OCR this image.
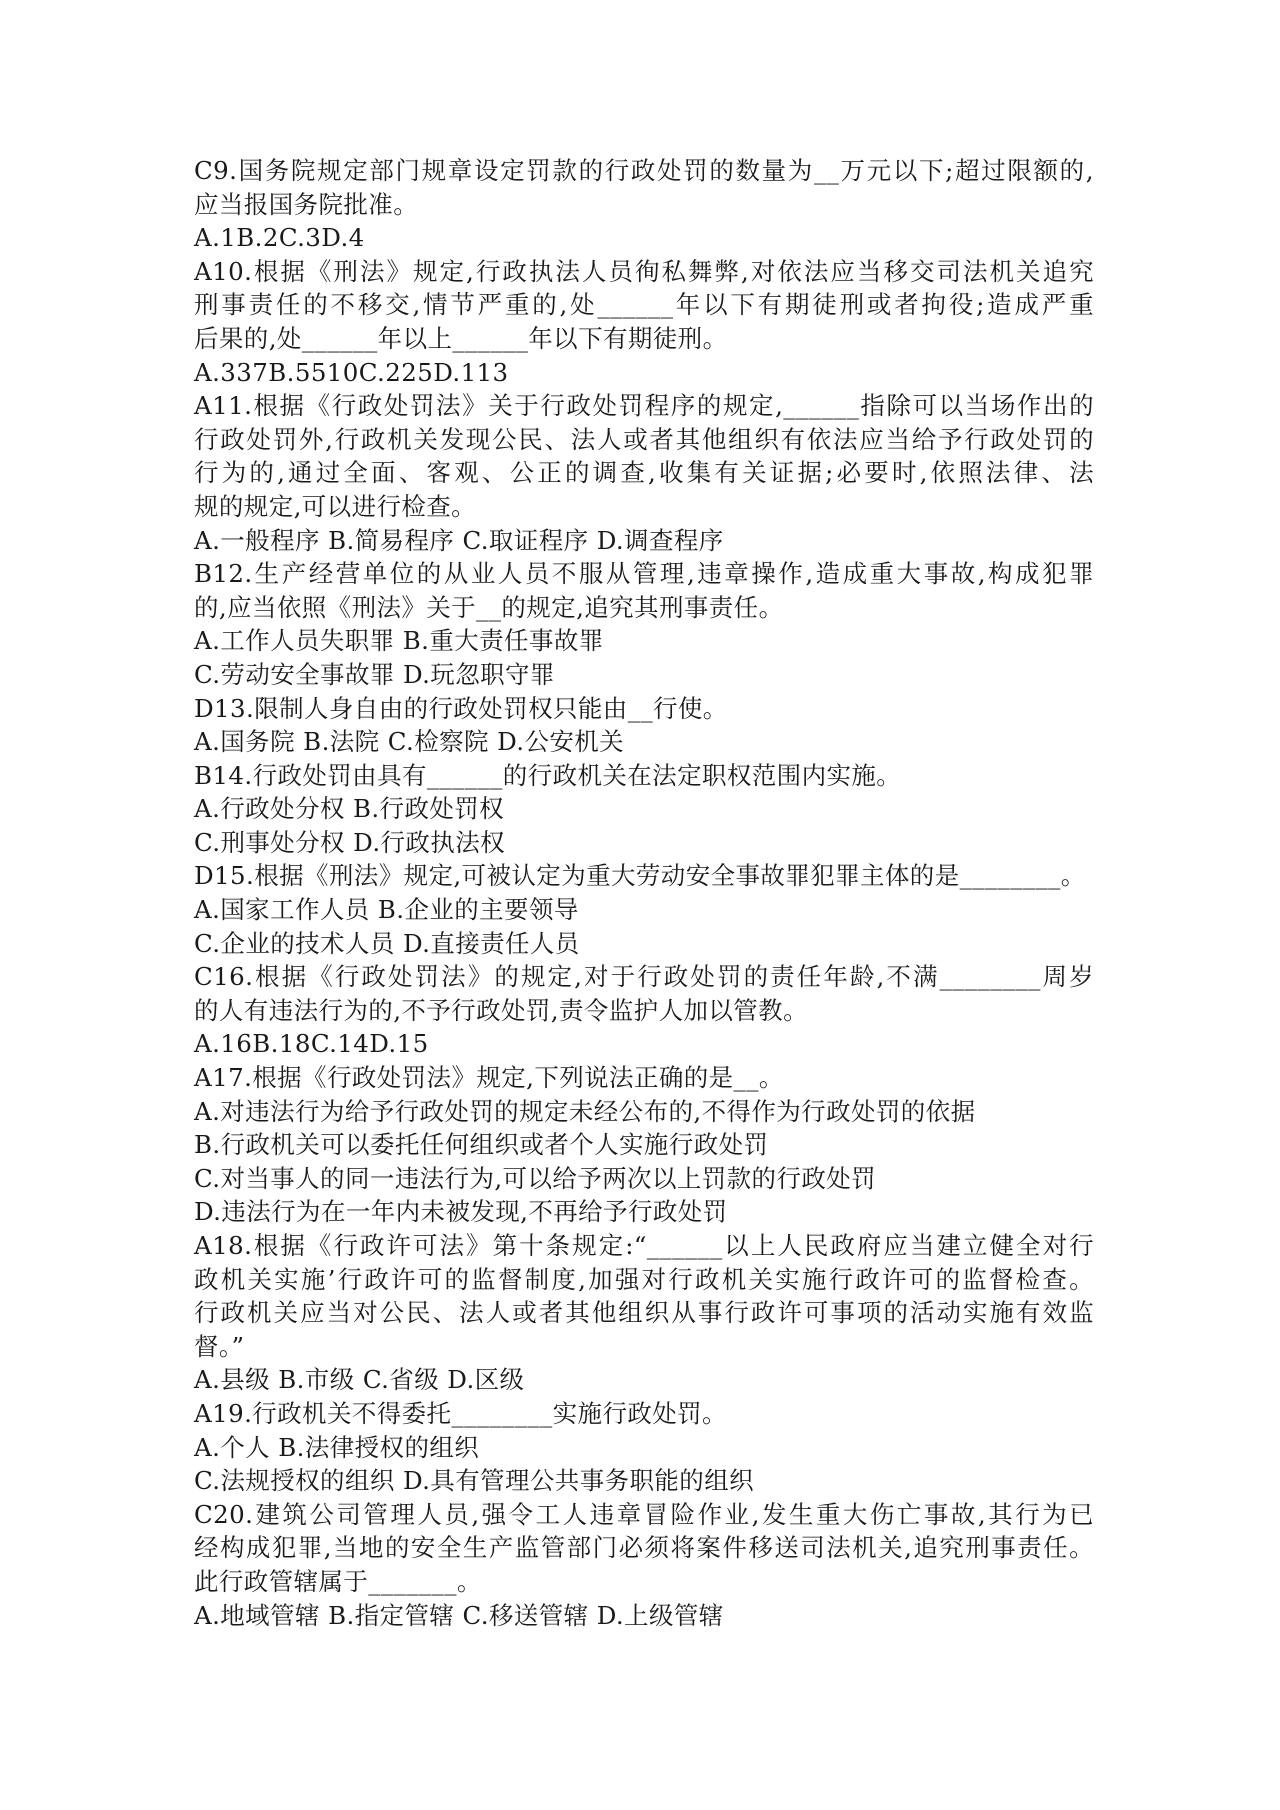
C9.国务院规定部门规章设定罚款的行政处罚的数量为__万元以下;超过限额的,
应当报国务院批准。
A.1B.2C.3D.4
A10.根据《刑法》规定,行政执法人员徇私舞弊,对依法应当移交司法机关追究
刑事责任的不移交,情节严重的,处______年以下有期徒刑或者拘役;造成严重
后果的,处______年以上______年以下有期徒刑。
A.337B.5510C.225D.113
A11.根据《行政处罚法》关于行政处罚程序的规定,______指除可以当场作出的
行政处罚外,行政机关发现公民、法人或者其他组织有依法应当给予行政处罚的
行为的,通过全面、客观、公正的调查,收集有关证据;必要时,依照法律、法
规的规定,可以进行检查。
A.一般程序 B.简易程序 C.取证程序 D.调查程序
B12.生产经营单位的从业人员不服从管理,违章操作,造成重大事故,构成犯罪
的,应当依照《刑法》关于__的规定,追究其刑事责任。
A.工作人员失职罪 B.重大责任事故罪
C.劳动安全事故罪 D.玩忽职守罪
D13.限制人身自由的行政处罚权只能由__行使。
A.国务院 B.法院 C.检察院 D.公安机关
B14.行政处罚由具有______的行政机关在法定职权范围内实施。
A.行政处分权 B.行政处罚权
C.刑事处分权 D.行政执法权
D15.根据《刑法》规定,可被认定为重大劳动安全事故罪犯罪主体的是________。
A.国家工作人员 B.企业的主要领导
C.企业的技术人员 D.直接责任人员
C16.根据《行政处罚法》的规定,对于行政处罚的责任年龄,不满________周岁
的人有违法行为的,不予行政处罚,责令监护人加以管教。
A.16B.18C.14D.15
A17.根据《行政处罚法》规定,下列说法正确的是__。
A.对违法行为给予行政处罚的规定未经公布的,不得作为行政处罚的依据
B.行政机关可以委托任何组织或者个人实施行政处罚
C.对当事人的同一违法行为,可以给予两次以上罚款的行政处罚
D.违法行为在一年内未被发现,不再给予行政处罚
A18.根据《行政许可法》第十条规定:“______以上人民政府应当建立健全对行
政机关实施’行政许可的监督制度,加强对行政机关实施行政许可的监督检查。
行政机关应当对公民、法人或者其他组织从事行政许可事项的活动实施有效监
督。”
A.县级 B.市级 C.省级 D.区级
A19.行政机关不得委托________实施行政处罚。
A.个人 B.法律授权的组织
C.法规授权的组织 D.具有管理公共事务职能的组织
C20.建筑公司管理人员,强令工人违章冒险作业,发生重大伤亡事故,其行为已
经构成犯罪,当地的安全生产监管部门必须将案件移送司法机关,追究刑事责任。
此行政管辖属于_______。
A.地域管辖 B.指定管辖 C.移送管辖 D.上级管辖
